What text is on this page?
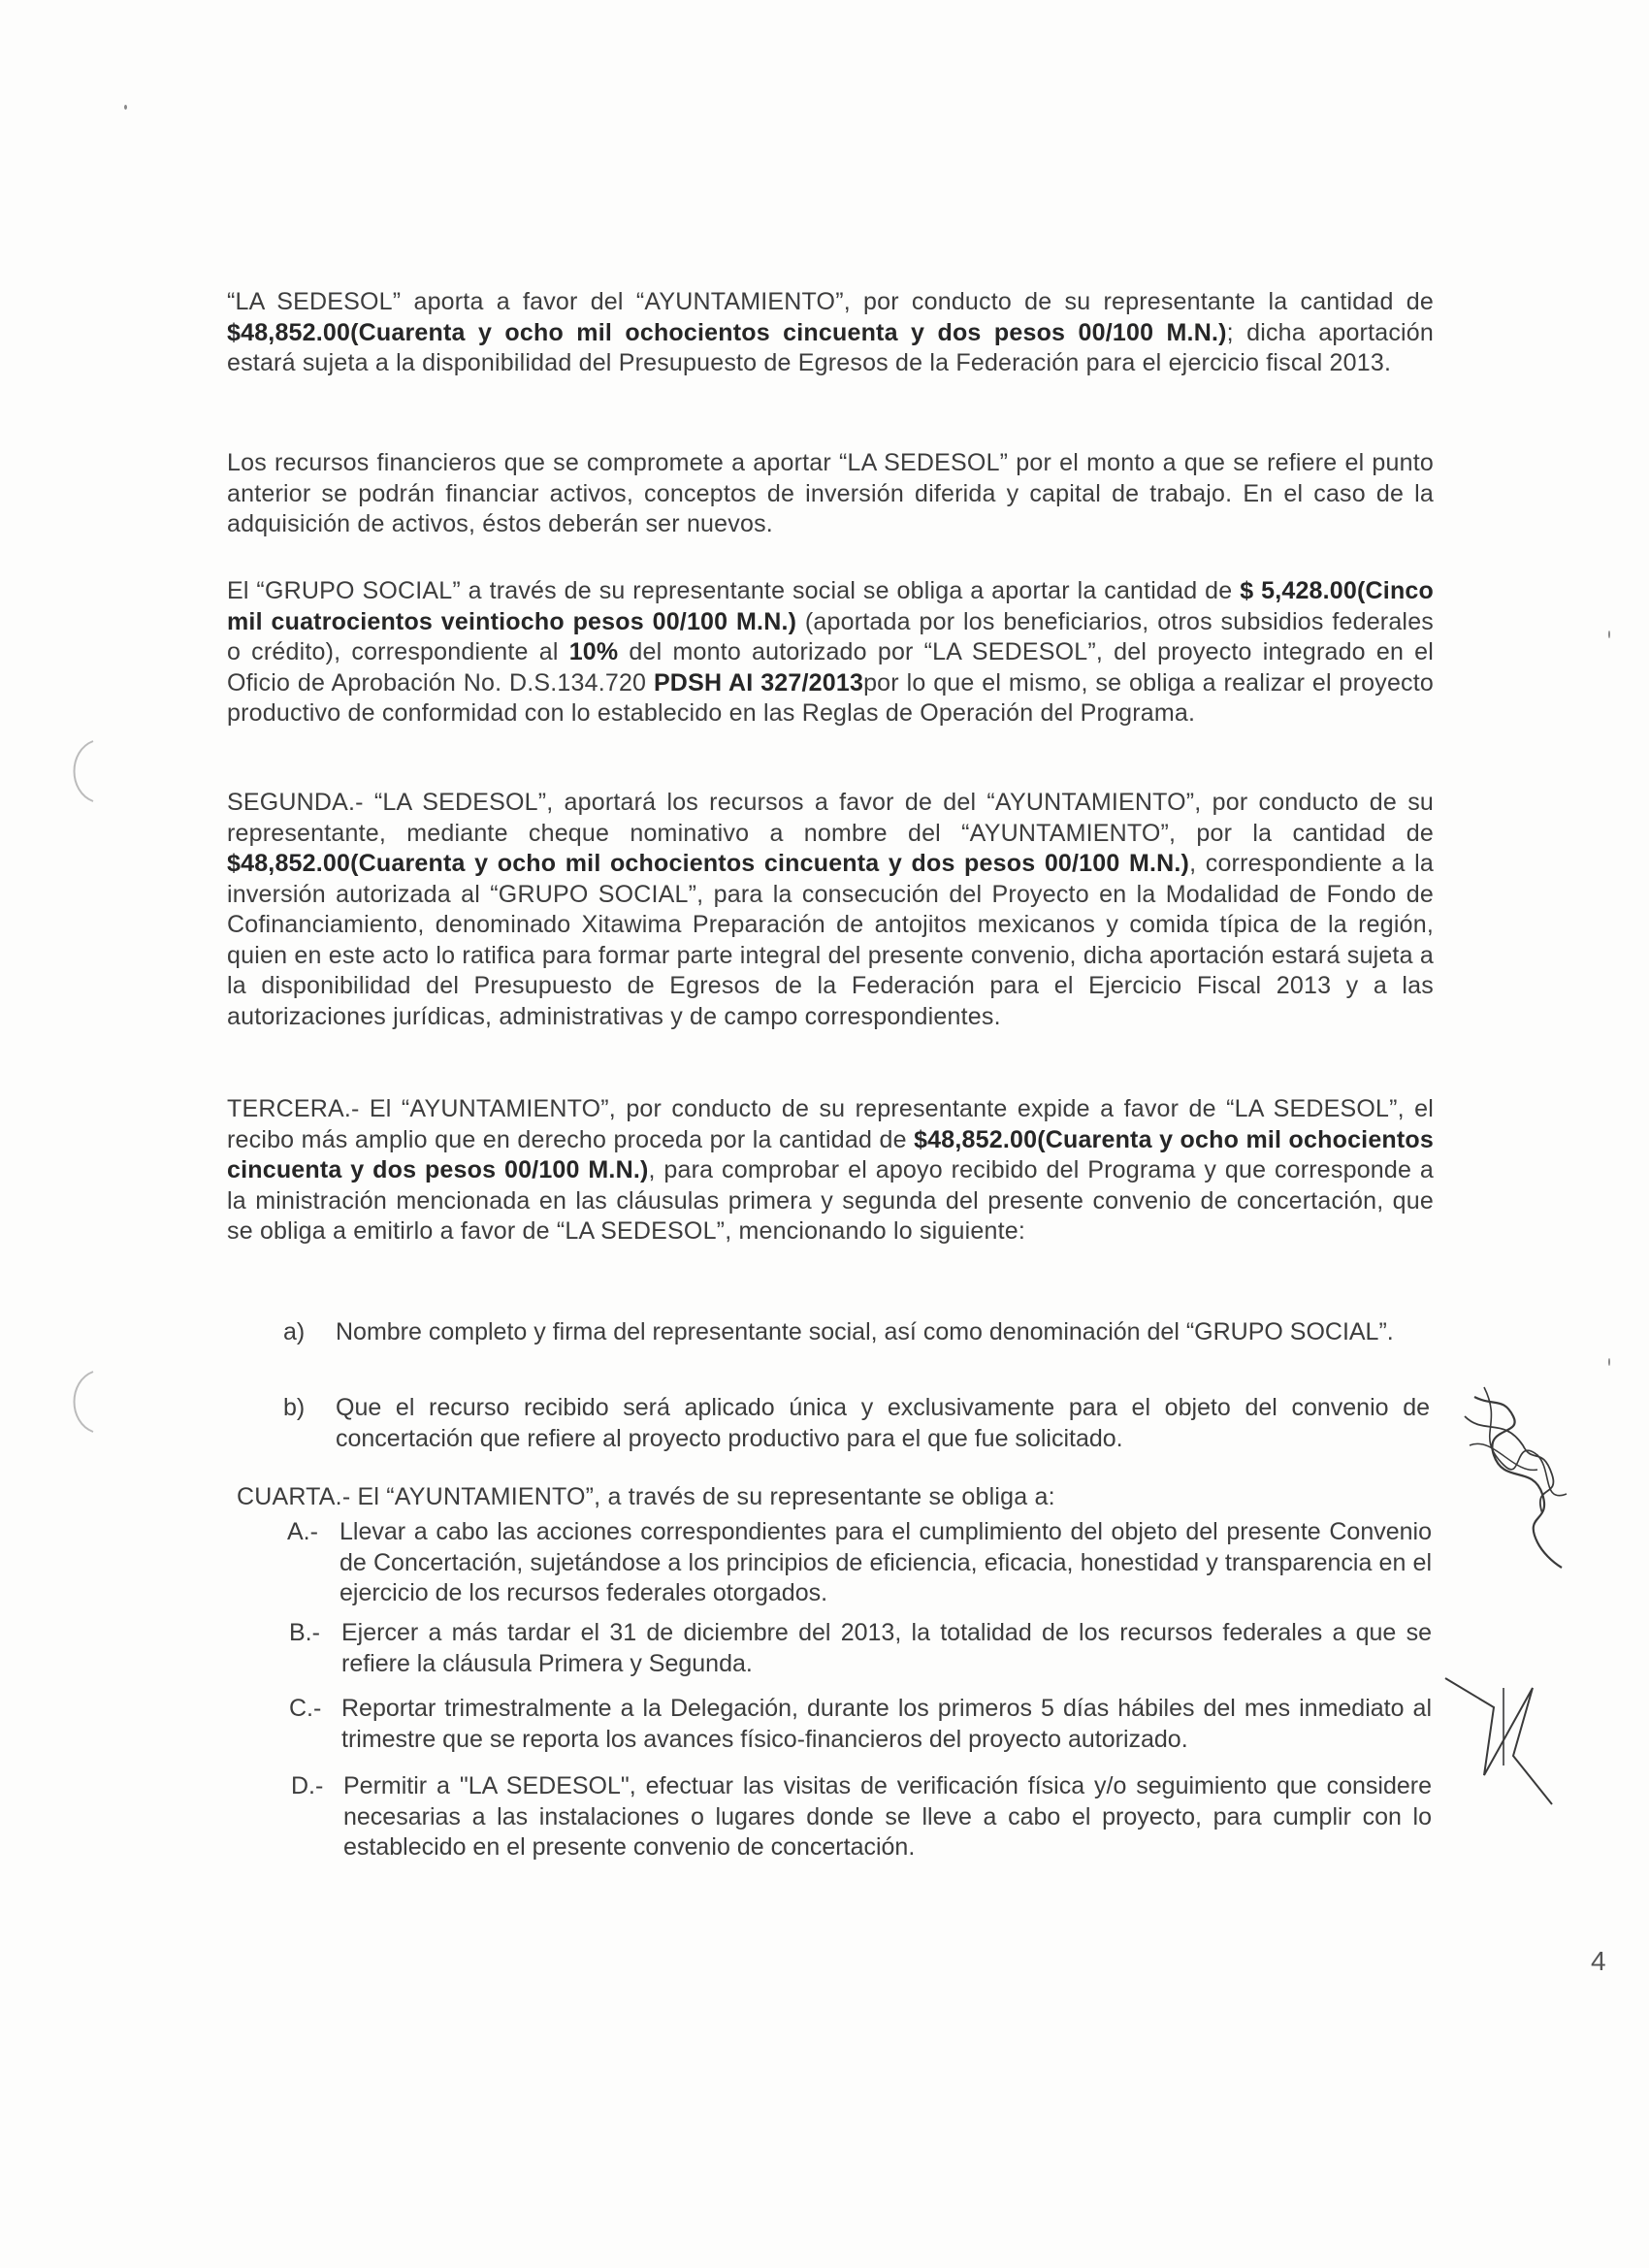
“LA SEDESOL” aporta a favor del “AYUNTAMIENTO”, por conducto de su representante la cantidad de $48,852.00(Cuarenta y ocho mil ochocientos cincuenta y dos pesos 00/100 M.N.); dicha aportación estará sujeta a la disponibilidad del Presupuesto de Egresos de la Federación para el ejercicio fiscal 2013.

Los recursos financieros que se compromete a aportar “LA SEDESOL” por el monto a que se refiere el punto anterior se podrán financiar activos, conceptos de inversión diferida y capital de trabajo. En el caso de la adquisición de activos, éstos deberán ser nuevos.

El “GRUPO SOCIAL” a través de su representante social se obliga a aportar la cantidad de $ 5,428.00(Cinco mil cuatrocientos veintiocho pesos 00/100 M.N.) (aportada por los beneficiarios, otros subsidios federales o crédito), correspondiente al 10% del monto autorizado por “LA SEDESOL”, del proyecto integrado en el Oficio de Aprobación No. D.S.134.720 PDSH AI 327/2013por lo que el mismo, se obliga a realizar el proyecto productivo de conformidad con lo establecido en las Reglas de Operación del Programa.

SEGUNDA.- “LA SEDESOL”, aportará los recursos a favor de del “AYUNTAMIENTO”, por conducto de su representante, mediante cheque nominativo a nombre del “AYUNTAMIENTO”, por la cantidad de $48,852.00(Cuarenta y ocho mil ochocientos cincuenta y dos pesos 00/100 M.N.), correspondiente a la inversión autorizada al “GRUPO SOCIAL”, para la consecución del Proyecto en la Modalidad de Fondo de Cofinanciamiento, denominado Xitawima Preparación de antojitos mexicanos y comida típica de la región, quien en este acto lo ratifica para formar parte integral del presente convenio, dicha aportación estará sujeta a la disponibilidad del Presupuesto de Egresos de la Federación para el Ejercicio Fiscal 2013 y a las autorizaciones jurídicas, administrativas y de campo correspondientes.

TERCERA.- El “AYUNTAMIENTO”, por conducto de su representante expide a favor de “LA SEDESOL”, el recibo más amplio que en derecho proceda por la cantidad de $48,852.00(Cuarenta y ocho mil ochocientos cincuenta y dos pesos 00/100 M.N.), para comprobar el apoyo recibido del Programa y que corresponde a la ministración mencionada en las cláusulas primera y segunda del presente convenio de concertación, que se obliga a emitirlo a favor de “LA SEDESOL”, mencionando lo siguiente:

a) Nombre completo y firma del representante social, así como denominación del “GRUPO SOCIAL”.
b) Que el recurso recibido será aplicado única y exclusivamente para el objeto del convenio de concertación que refiere al proyecto productivo para el que fue solicitado.

CUARTA.- El “AYUNTAMIENTO”, a través de su representante se obliga a:

A.- Llevar a cabo las acciones correspondientes para el cumplimiento del objeto del presente Convenio de Concertación, sujetándose a los principios de eficiencia, eficacia, honestidad y transparencia en el ejercicio de los recursos federales otorgados.
B.- Ejercer a más tardar el 31 de diciembre del 2013, la totalidad de los recursos federales a que se refiere la cláusula Primera y Segunda.
C.- Reportar trimestralmente a la Delegación, durante los primeros 5 días hábiles del mes inmediato al trimestre que se reporta los avances físico-financieros del proyecto autorizado.
D.- Permitir a "LA SEDESOL", efectuar las visitas de verificación física y/o seguimiento que considere necesarias a las instalaciones o lugares donde se lleve a cabo el proyecto, para cumplir con lo establecido en el presente convenio de concertación.
4
